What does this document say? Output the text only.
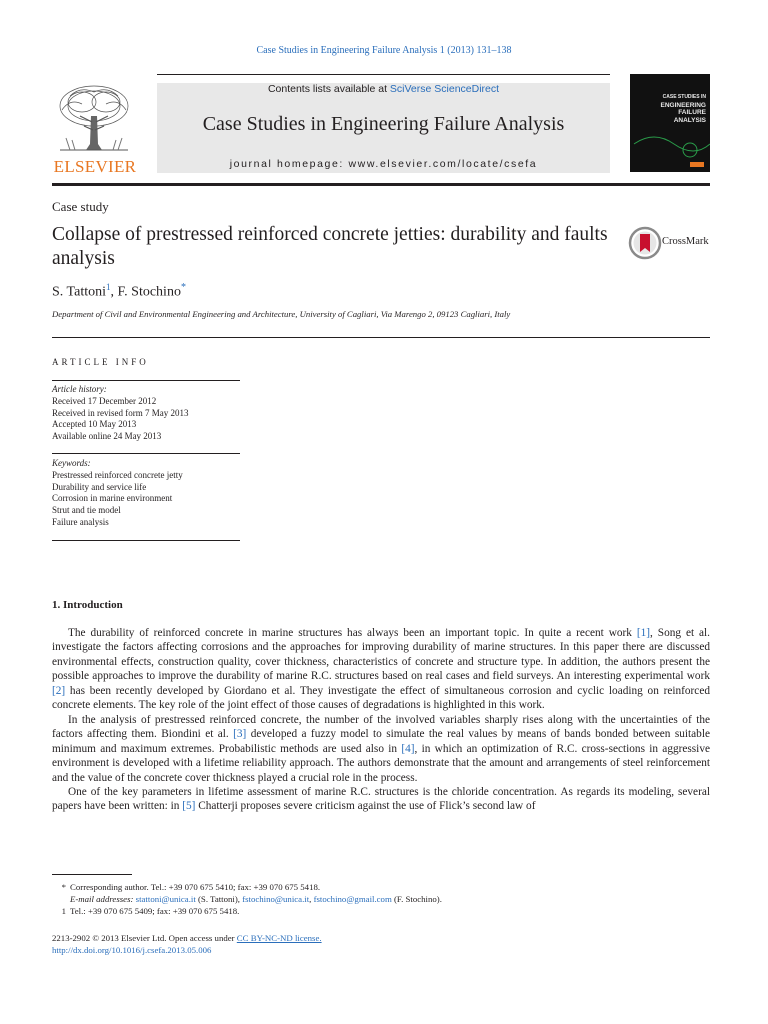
Case Studies in Engineering Failure Analysis 1 (2013) 131–138
Contents lists available at SciVerse ScienceDirect
Case Studies in Engineering Failure Analysis
journal homepage: www.elsevier.com/locate/csefa
ELSEVIER
CASE STUDIES IN
ENGINEERING
FAILURE
ANALYSIS
Case study
Collapse of prestressed reinforced concrete jetties: durability and faults analysis
CrossMark
S. Tattoni$^1$, F. Stochino*
Department of Civil and Environmental Engineering and Architecture, University of Cagliari, Via Marengo 2, 09123 Cagliari, Italy
ARTICLE INFO
Article history:
Received 17 December 2012
Received in revised form 7 May 2013
Accepted 10 May 2013
Available online 24 May 2013
Keywords:
Prestressed reinforced concrete jetty
Durability and service life
Corrosion in marine environment
Strut and tie model
Failure analysis
1. Introduction

The durability of reinforced concrete in marine structures has always been an important topic. In quite a recent work [1], Song et al. investigate the factors affecting corrosions and the approaches for improving durability of marine structures. In this paper there are discussed environmental effects, construction quality, cover thickness, characteristics of concrete and structure type. In addition, the authors present the possible approaches to improve the durability of marine R.C. structures based on real cases and field surveys. An interesting experimental work [2] has been recently developed by Giordano et al. They investigate the effect of simultaneous corrosion and cyclic loading on reinforced concrete elements. The key role of the joint effect of those causes of degradations is highlighted in this work.

In the analysis of prestressed reinforced concrete, the number of the involved variables sharply rises along with the uncertainties of the factors affecting them. Biondini et al. [3] developed a fuzzy model to simulate the real values by means of bands bonded between suitable minimum and maximum extremes. Probabilistic methods are used also in [4], in which an optimization of R.C. cross-sections in aggressive environment is developed with a lifetime reliability approach. The authors demonstrate that the amount and arrangements of steel reinforcement and the value of the concrete cover thickness played a crucial role in the process.

One of the key parameters in lifetime assessment of marine R.C. structures is the chloride concentration. As regards its modeling, several papers have been written: in [5] Chatterji proposes severe criticism against the use of Flick’s second law of

* Corresponding author. Tel.: +39 070 675 5410; fax: +39 070 675 5418.
E-mail addresses: stattoni@unica.it (S. Tattoni), fstochino@unica.it, fstochino@gmail.com (F. Stochino).
1 Tel.: +39 070 675 5409; fax: +39 070 675 5418.
2213-2902 © 2013 Elsevier Ltd. Open access under CC BY-NC-ND license.
http://dx.doi.org/10.1016/j.csefa.2013.05.006
